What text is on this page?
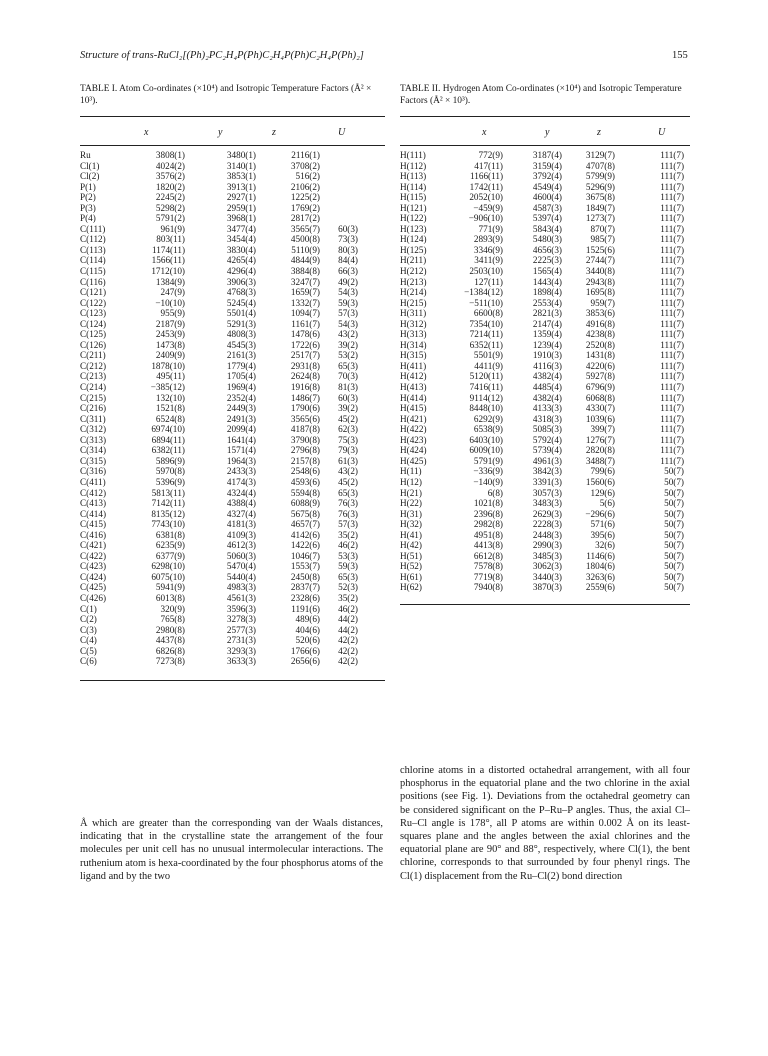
Structure of trans-RuCl₂[(Ph)₂PC₂H₄P(Ph)C₂H₄P(Ph)C₂H₄P(Ph)₂]	155
TABLE I. Atom Co-ordinates (×10⁴) and Isotropic Temperature Factors (Å² × 10³).
x	y	z	U
Ru	3808(1)	3480(1)	2116(1)
Cl(1)	4024(2)	3140(1)	3708(2)
Cl(2)	3576(2)	3853(1)	516(2)
P(1)	1820(2)	3913(1)	2106(2)
P(2)	2245(2)	2927(1)	1225(2)
P(3)	5298(2)	2959(1)	1769(2)
P(4)	5791(2)	3968(1)	2817(2)
C(111)	961(9)	3477(4)	3565(7) 60(3)
C(112)	803(11)	3454(4)	4500(8) 73(3)
C(113)	1174(11)	3830(4)	5110(9) 80(3)
C(114)	1566(11)	4265(4)	4844(9) 84(4)
C(115)	1712(10)	4296(4)	3884(8) 66(3)
C(116)	1384(9)	3906(3)	3247(7) 49(2)
C(121)	247(9)	4768(3)	1659(7) 54(3)
C(122)	−10(10)	5245(4)	1332(7) 59(3)
C(123)	955(9)	5501(4)	1094(7) 57(3)
C(124)	2187(9)	5291(3)	1161(7) 54(3)
C(125)	2453(9)	4808(3)	1478(6) 43(2)
C(126)	1473(8)	4545(3)	1722(6) 39(2)
C(211)	2409(9)	2161(3)	2517(7) 53(2)
C(212)	1878(10)	1779(4)	2931(8) 65(3)
C(213)	495(11)	1705(4)	2624(8) 70(3)
C(214)	−385(12)	1969(4)	1916(8) 81(3)
C(215)	132(10)	2352(4)	1486(7) 60(3)
C(216)	1521(8)	2449(3)	1790(6) 39(2)
C(311)	6524(8)	2491(3)	3565(6) 45(2)
C(312)	6974(10)	2099(4)	4187(8) 62(3)
C(313)	6894(11)	1641(4)	3790(8) 75(3)
C(314)	6382(11)	1571(4)	2796(8) 79(3)
C(315)	5896(9)	1964(3)	2157(8) 61(3)
C(316)	5970(8)	2433(3)	2548(6) 43(2)
C(411)	5396(9)	4174(3)	4593(6) 45(2)
C(412)	5813(11)	4324(4)	5594(8) 65(3)
C(413)	7142(11)	4388(4)	6088(9) 76(3)
C(414)	8135(12)	4327(4)	5675(8) 76(3)
C(415)	7743(10)	4181(3)	4657(7) 57(3)
C(416)	6381(8)	4109(3)	4142(6) 35(2)
C(421)	6235(9)	4612(3)	1422(6) 46(2)
C(422)	6377(9)	5060(3)	1046(7) 53(3)
C(423)	6298(10)	5470(4)	1553(7) 59(3)
C(424)	6075(10)	5440(4)	2450(8) 65(3)
C(425)	5941(9)	4983(3)	2837(7) 52(3)
C(426)	6013(8)	4561(3)	2328(6) 35(2)
C(1)	320(9)	3596(3)	1191(6) 46(2)
C(2)	765(8)	3278(3)	489(6) 44(2)
C(3)	2980(8)	2577(3)	404(6) 44(2)
C(4)	4437(8)	2731(3)	520(6) 42(2)
C(5)	6826(8)	3293(3)	1766(6) 42(2)
C(6)	7273(8)	3633(3)	2656(6) 42(2)
TABLE II. Hydrogen Atom Co-ordinates (×10⁴) and Isotropic Temperature Factors (Å² × 10³).
x	y	z	U
H(111)	772(9)	3187(4)	3129(7)	111(7)
H(112)	417(11)	3159(4)	4707(8)	111(7)
H(113)	1166(11)	3792(4)	5799(9)	111(7)
H(114)	1742(11)	4549(4)	5296(9)	111(7)
H(115)	2052(10)	4600(4)	3675(8)	111(7)
H(121)	−459(9)	4587(3)	1849(7)	111(7)
H(122)	−906(10)	5397(4)	1273(7)	111(7)
H(123)	771(9)	5843(4)	870(7)	111(7)
H(124)	2893(9)	5480(3)	985(7)	111(7)
H(125)	3346(9)	4656(3)	1525(6)	111(7)
H(211)	3411(9)	2225(3)	2744(7)	111(7)
H(212)	2503(10)	1565(4)	3440(8)	111(7)
H(213)	127(11)	1443(4)	2943(8)	111(7)
H(214)	−1384(12)	1898(4)	1695(8)	111(7)
H(215)	−511(10)	2553(4)	959(7)	111(7)
H(311)	6600(8)	2821(3)	3853(6)	111(7)
H(312)	7354(10)	2147(4)	4916(8)	111(7)
H(313)	7214(11)	1359(4)	4238(8)	111(7)
H(314)	6352(11)	1239(4)	2520(8)	111(7)
H(315)	5501(9)	1910(3)	1431(8)	111(7)
H(411)	4411(9)	4116(3)	4220(6)	111(7)
H(412)	5120(11)	4382(4)	5927(8)	111(7)
H(413)	7416(11)	4485(4)	6796(9)	111(7)
H(414)	9114(12)	4382(4)	6068(8)	111(7)
H(415)	8448(10)	4133(3)	4330(7)	111(7)
H(421)	6292(9)	4318(3)	1039(6)	111(7)
H(422)	6538(9)	5085(3)	399(7)	111(7)
H(423)	6403(10)	5792(4)	1276(7)	111(7)
H(424)	6009(10)	5739(4)	2820(8)	111(7)
H(425)	5791(9)	4961(3)	3488(7)	111(7)
H(11)	−336(9)	3842(3)	799(6)	50(7)
H(12)	−140(9)	3391(3)	1560(6)	50(7)
H(21)	6(8)	3057(3)	129(6)	50(7)
H(22)	1021(8)	3483(3)	5(6)	50(7)
H(31)	2396(8)	2629(3)	−296(6)	50(7)
H(32)	2982(8)	2228(3)	571(6)	50(7)
H(41)	4951(8)	2448(3)	395(6)	50(7)
H(42)	4413(8)	2990(3)	32(6)	50(7)
H(51)	6612(8)	3485(3)	1146(6)	50(7)
H(52)	7578(8)	3062(3)	1804(6)	50(7)
H(61)	7719(8)	3440(3)	3263(6)	50(7)
H(62)	7940(8)	3870(3)	2559(6)	50(7)

Å which are greater than the corresponding van der Waals distances, indicating that in the crystalline state the arrangement of the four molecules per unit cell has no unusual intermolecular interactions. The ruthenium atom is hexa-coordinated by the four phosphorus atoms of the ligand and by the two

chlorine atoms in a distorted octahedral arrangement, with all four phosphorus in the equatorial plane and the two chlorine in the axial positions (see Fig. 1). Deviations from the octahedral geometry can be considered significant on the P–Ru–P angles. Thus, the axial Cl–Ru–Cl angle is 178°, all P atoms are within 0.002 Å on its least-squares plane and the angles between the axial chlorines and the equatorial plane are 90° and 88°, respectively, where Cl(1), the bent chlorine, corresponds to that surrounded by four phenyl rings. The Cl(1) displacement from the Ru–Cl(2) bond direction
